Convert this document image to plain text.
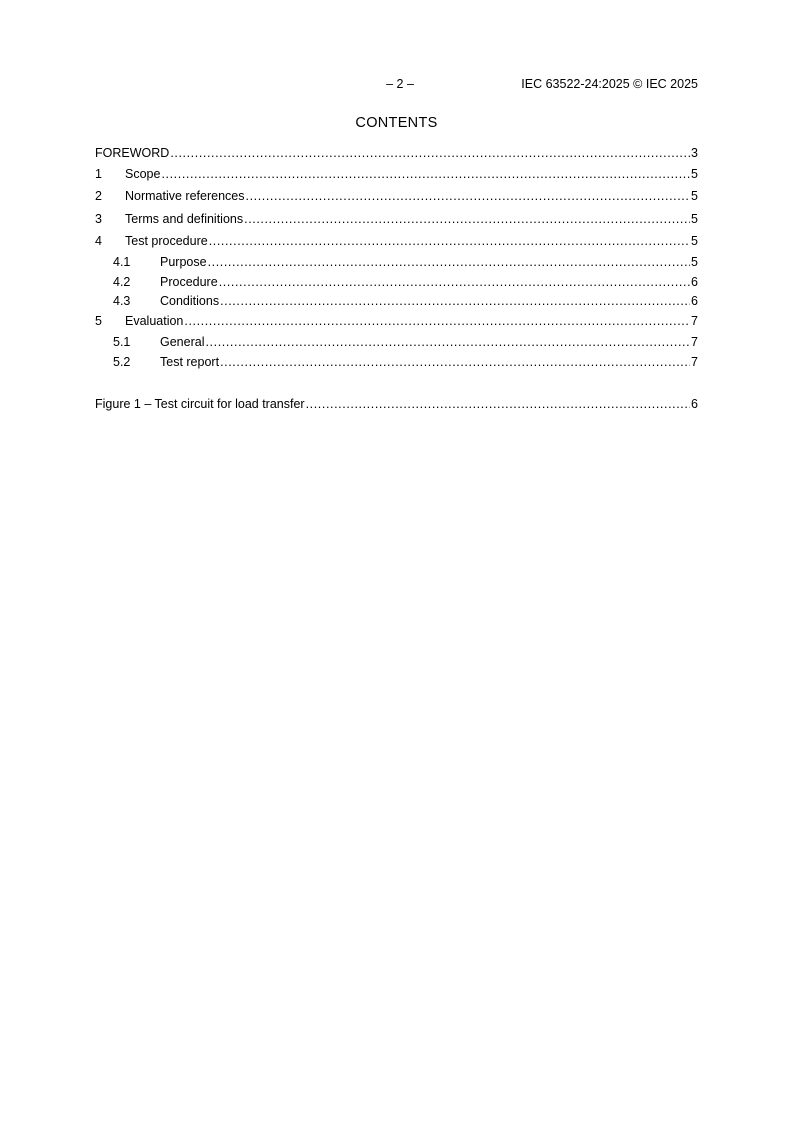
– 2 –	IEC 63522-24:2025 © IEC 2025
CONTENTS
FOREWORD .....	3
1	Scope .....	5
2	Normative references .....	5
3	Terms and definitions .....	5
4	Test procedure .....	5
4.1	Purpose .....	5
4.2	Procedure .....	6
4.3	Conditions .....	6
5	Evaluation .....	7
5.1	General .....	7
5.2	Test report .....	7
Figure 1 – Test circuit for load transfer .....	6
